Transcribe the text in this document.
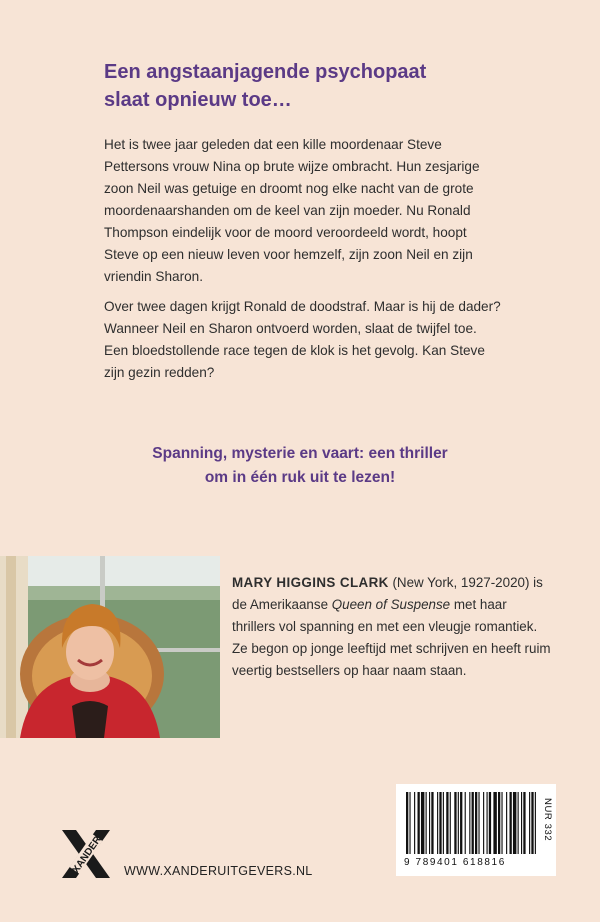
Een angstaanjagende psychopaat
slaat opnieuw toe…

Het is twee jaar geleden dat een kille moordenaar Steve Pettersons vrouw Nina op brute wijze ombracht. Hun zesjarige zoon Neil was getuige en droomt nog elke nacht van de grote moordenaarshanden om de keel van zijn moeder. Nu Ronald Thompson eindelijk voor de moord veroordeeld wordt, hoopt Steve op een nieuw leven voor hemzelf, zijn zoon Neil en zijn vriendin Sharon.

Over twee dagen krijgt Ronald de doodstraf. Maar is hij de dader? Wanneer Neil en Sharon ontvoerd worden, slaat de twijfel toe. Een bloedstollende race tegen de klok is het gevolg. Kan Steve zijn gezin redden?

Spanning, mysterie en vaart: een thriller
om in één ruk uit te lezen!

MARY HIGGINS CLARK (New York, 1927-2020) is de Amerikaanse Queen of Suspense met haar thrillers vol spanning en met een vleugje romantiek. Ze begon op jonge leeftijd met schrijven en heeft ruim veertig bestsellers op haar naam staan.

XANDER WWW.XANDERUITGEVERS.NL
9 789401 618816
NUR 332
